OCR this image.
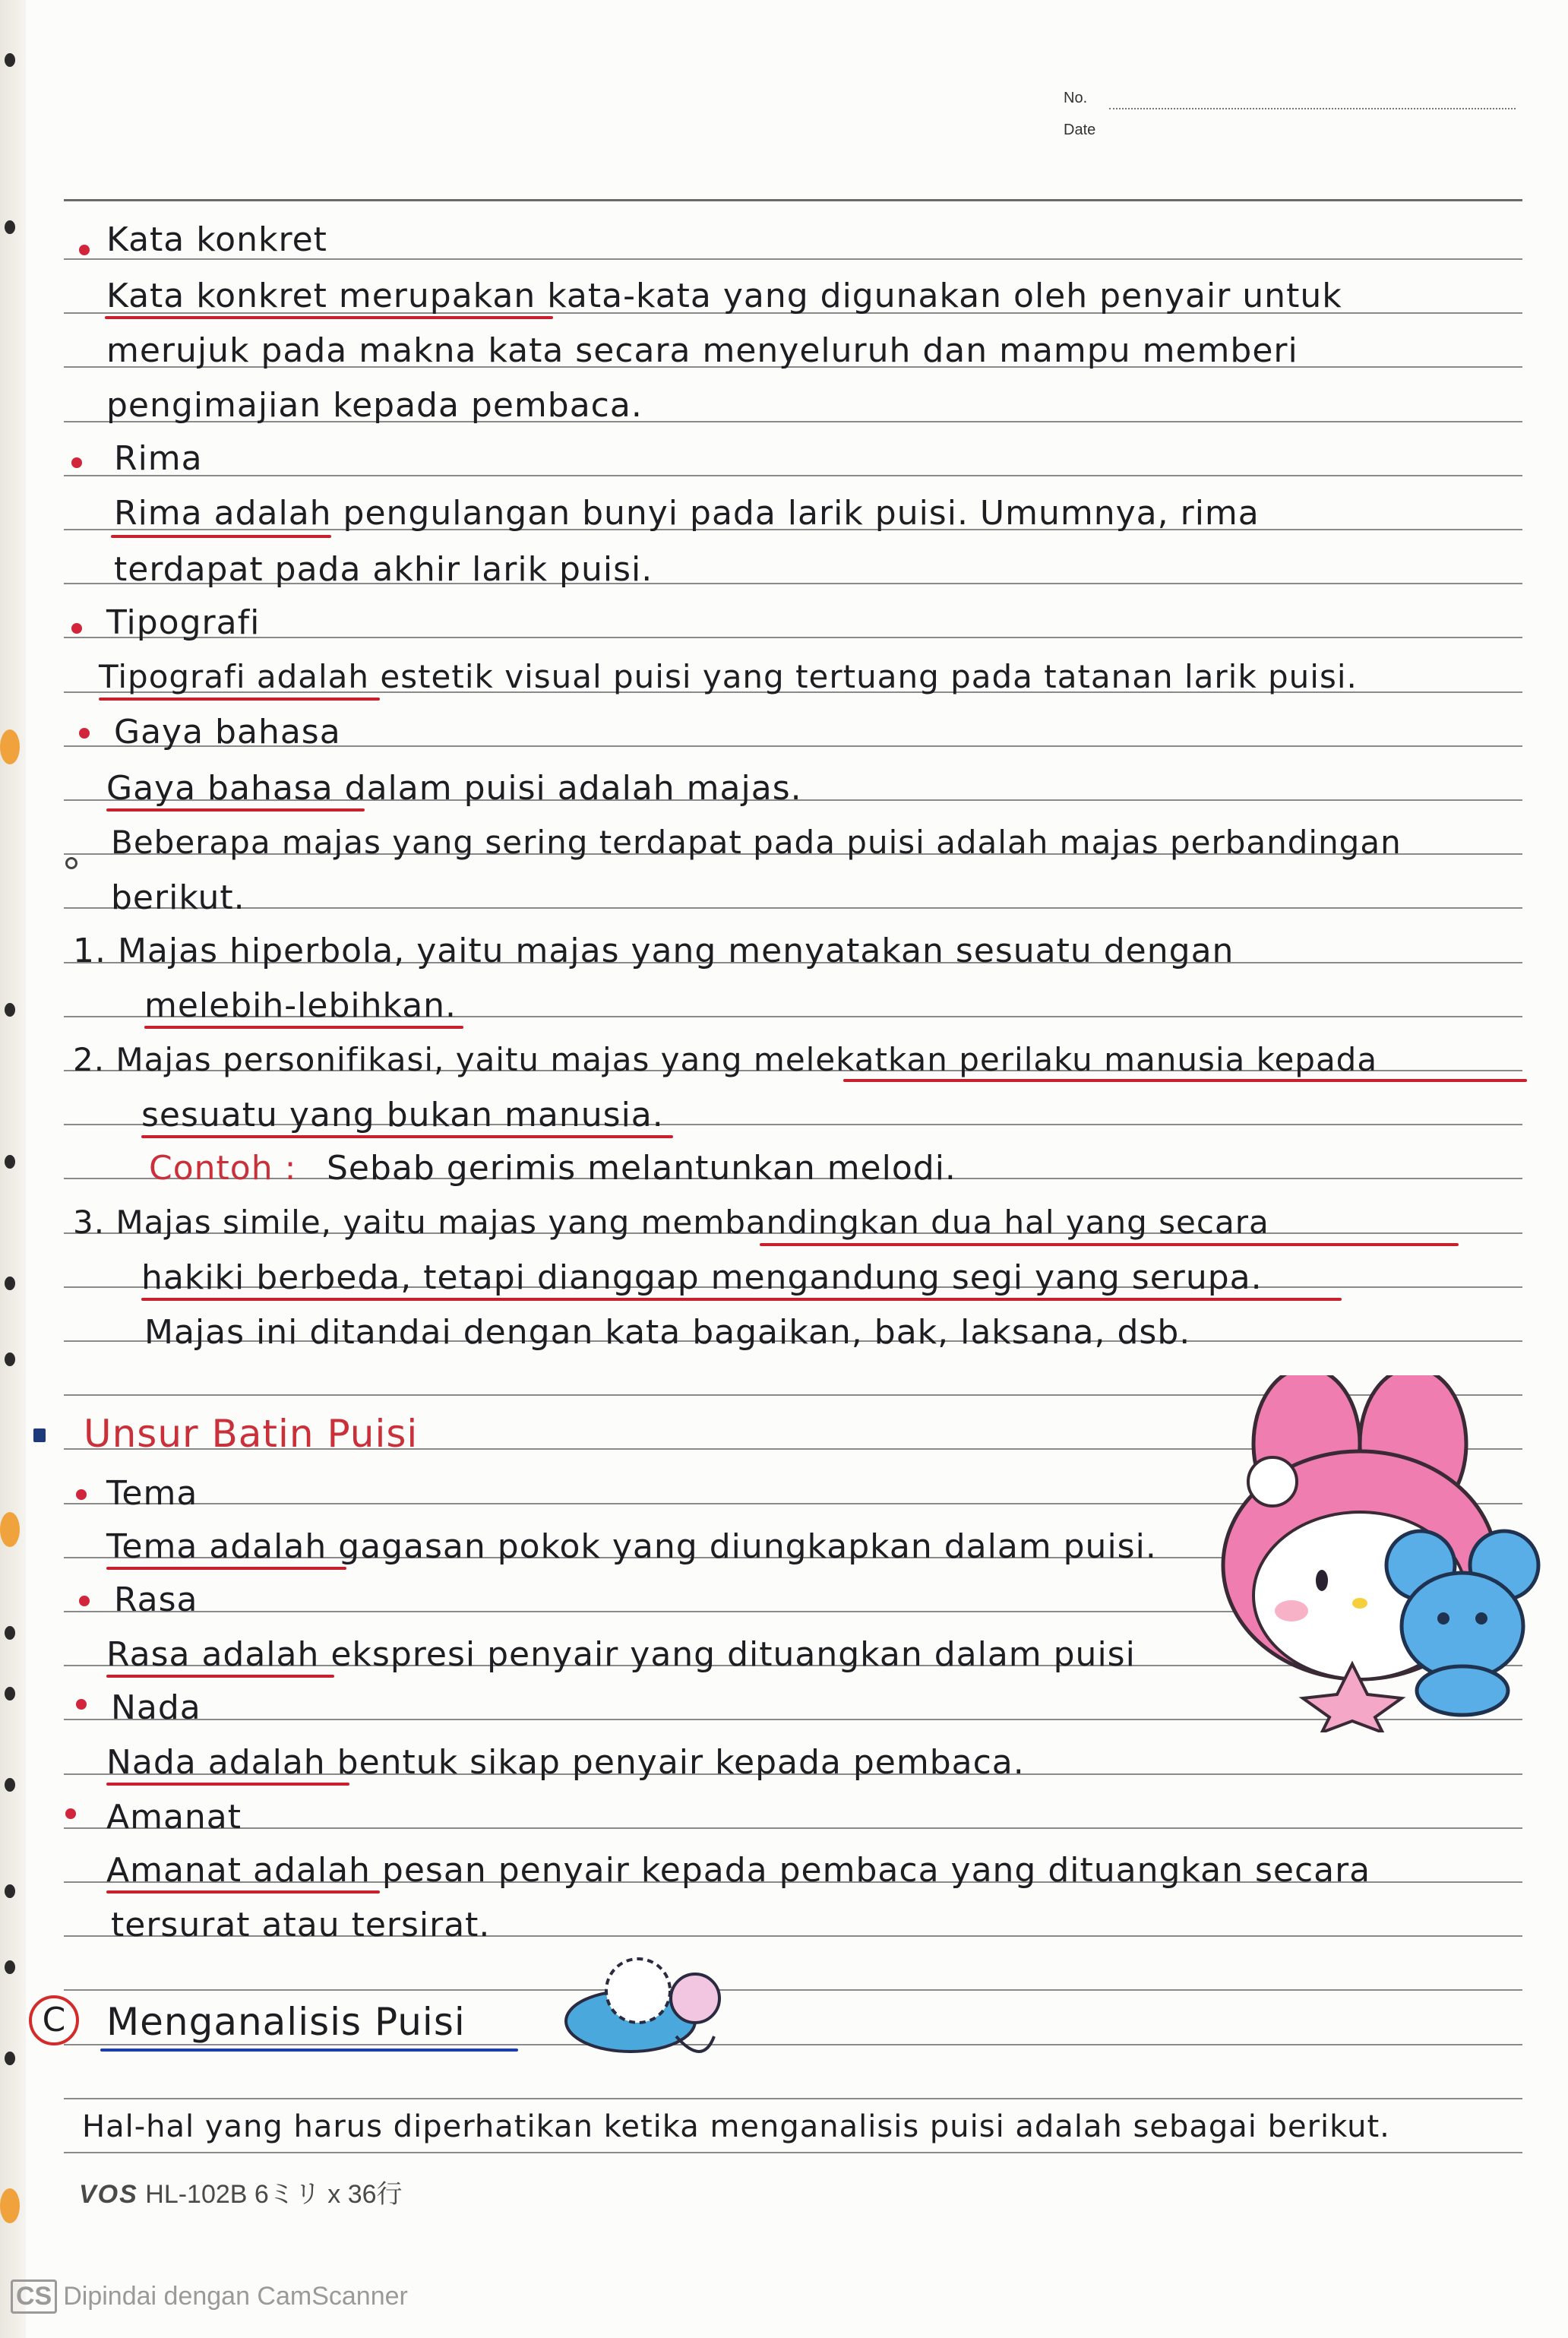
No.
Date
Kata konkret
Kata konkret merupakan kata-kata yang digunakan oleh penyair untuk
merujuk pada makna kata secara menyeluruh dan mampu memberi
pengimajian kepada pembaca.
Rima
Rima adalah pengulangan bunyi pada larik puisi. Umumnya, rima
terdapat pada akhir larik puisi.
Tipografi
Tipografi adalah estetik visual puisi yang tertuang pada tatanan larik puisi.
Gaya bahasa
Gaya bahasa dalam puisi adalah majas.
Beberapa majas yang sering terdapat pada puisi adalah majas perbandingan
berikut.
1. Majas hiperbola, yaitu majas yang menyatakan sesuatu dengan
melebih-lebihkan.
2. Majas personifikasi, yaitu majas yang melekatkan perilaku manusia kepada
sesuatu yang bukan manusia.
Contoh : Sebab gerimis melantunkan melodi.
3. Majas simile, yaitu majas yang membandingkan dua hal yang secara
hakiki berbeda, tetapi dianggap mengandung segi yang serupa.
Majas ini ditandai dengan kata bagaikan, bak, laksana, dsb.
Unsur Batin Puisi
Tema
Tema adalah gagasan pokok yang diungkapkan dalam puisi.
Rasa
Rasa adalah ekspresi penyair yang dituangkan dalam puisi
Nada
Nada adalah bentuk sikap penyair kepada pembaca.
Amanat
Amanat adalah pesan penyair kepada pembaca yang dituangkan secara
tersurat atau tersirat.
C	Menganalisis Puisi
Hal-hal yang harus diperhatikan ketika menganalisis puisi adalah sebagai berikut.
VOS HL-102B 6ミリ x 36行
CS Dipindai dengan CamScanner
